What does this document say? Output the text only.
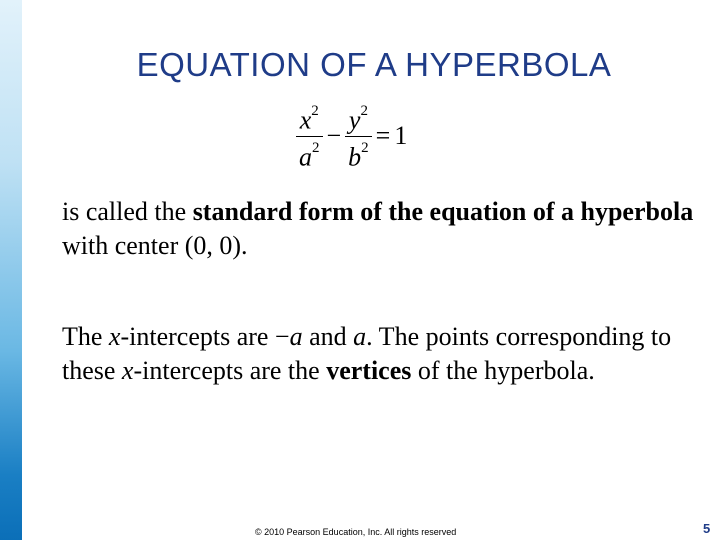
EQUATION OF A HYPERBOLA
$\frac{x^2}{a^2} - \frac{y^2}{b^2} = 1$
is called the standard form of the equation of a hyperbola with center (0, 0).
The x-intercepts are −a and a. The points corresponding to these x-intercepts are the vertices of the hyperbola.
© 2010 Pearson Education, Inc. All rights reserved	5
